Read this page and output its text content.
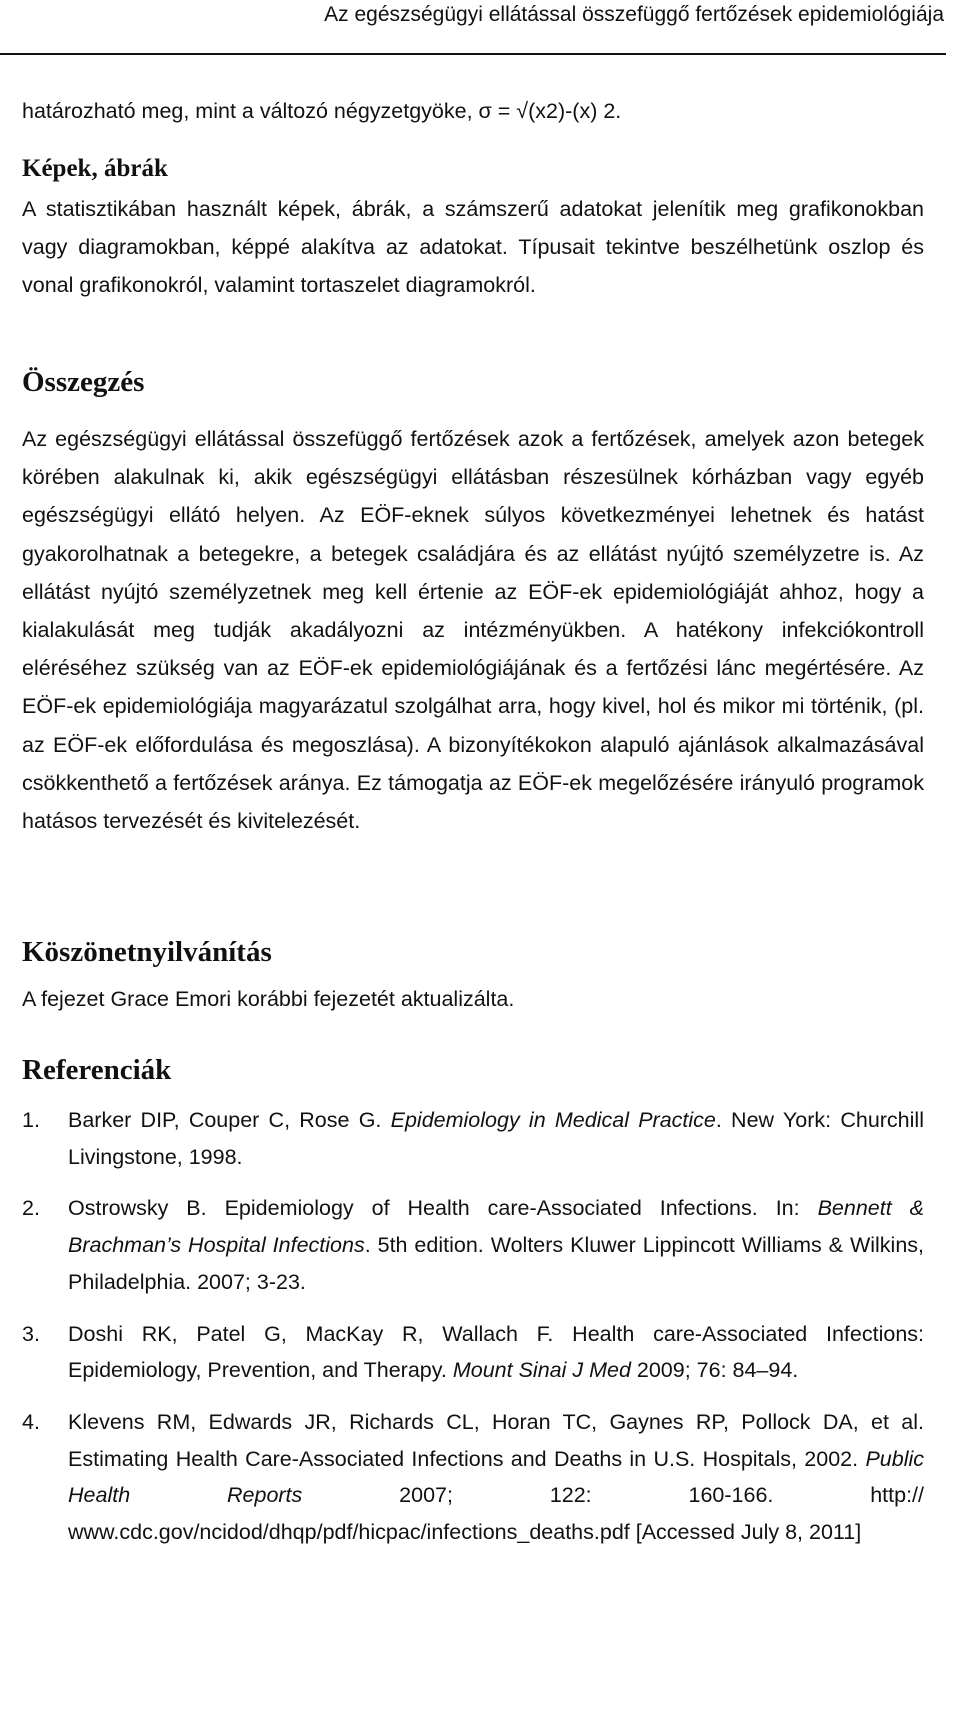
Az egészségügyi ellátással összefüggő fertőzések epidemiológiája

határozható meg, mint a változó négyzetgyöke, σ = √(x2)-(x) 2.

Képek, ábrák

A statisztikában használt képek, ábrák, a számszerű adatokat jelenítik meg grafikonokban vagy diagramokban, képpé alakítva az adatokat. Típusait tekintve beszélhetünk oszlop és vonal grafikonokról, valamint tortaszelet diagramokról.

Összegzés

Az egészségügyi ellátással összefüggő fertőzések azok a fertőzések, amelyek azon betegek körében alakulnak ki, akik egészségügyi ellátásban részesülnek kórházban vagy egyéb egészségügyi ellátó helyen. Az EÖF-eknek súlyos következményei lehetnek és hatást gyakorolhatnak a betegekre, a betegek családjára és az ellátást nyújtó személyzetre is. Az ellátást nyújtó személyzetnek meg kell értenie az EÖF-ek epidemiológiáját ahhoz, hogy a kialakulását meg tudják akadályozni az intézményükben. A hatékony infekciókontroll eléréséhez szükség van az EÖF-ek epidemiológiájának és a fertőzési lánc megértésére. Az EÖF-ek epidemiológiája magyarázatul szolgálhat arra, hogy kivel, hol és mikor mi történik, (pl. az EÖF-ek előfordulása és megoszlása). A bizonyítékokon alapuló ajánlások alkalmazásával csökkenthető a fertőzések aránya. Ez támogatja az EÖF-ek megelőzésére irányuló programok hatásos tervezését és kivitelezését.

Köszönetnyilvánítás

A fejezet Grace Emori korábbi fejezetét aktualizálta.

Referenciák
1. Barker DIP, Couper C, Rose G. Epidemiology in Medical Practice. New York: Churchill Livingstone, 1998.
2. Ostrowsky B. Epidemiology of Health care-Associated Infections. In: Bennett & Brachman’s Hospital Infections. 5th edition. Wolters Kluwer Lippincott Williams & Wilkins, Philadelphia. 2007; 3-23.
3. Doshi RK, Patel G, MacKay R, Wallach F. Health care-Associated Infections: Epidemiology, Prevention, and Therapy. Mount Sinai J Med 2009; 76: 84–94.
4. Klevens RM, Edwards JR, Richards CL, Horan TC, Gaynes RP, Pollock DA, et al. Estimating Health Care-Associated Infections and Deaths in U.S. Hospitals, 2002. Public Health Reports 2007; 122: 160-166. http:// www.cdc.gov/ncidod/dhqp/pdf/hicpac/infections_deaths.pdf [Accessed July 8, 2011]
